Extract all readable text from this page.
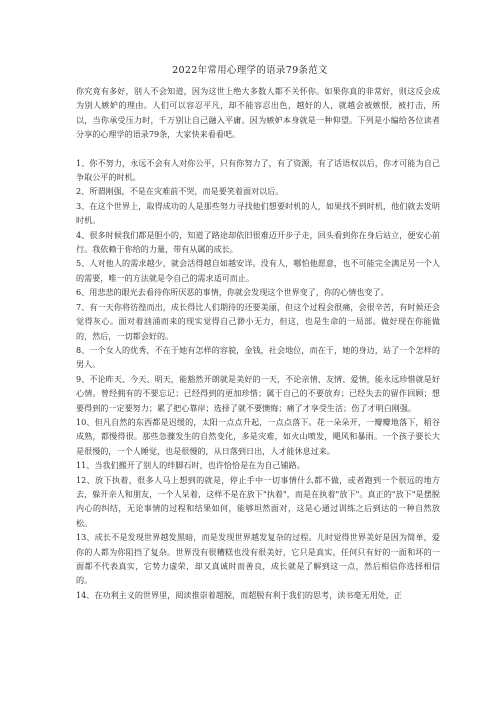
2022年常用心理学的语录79条范文

你究竟有多好，别人不会知道，因为这世上绝大多数人都不关怀你。如果你真的非常好，则这反会成为别人嫉妒的理由。人们可以容忍平凡，却不能容忍出色，越好的人，就越会被嫉恨，被打击，所以，当你承受压力时，千万别让自己融入平庸。因为嫉妒本身就是一种仰望。下列是小编给各位读者分享的心理学的语录79条，大家快来看看吧。

1、你不努力，永远不会有人对你公平，只有你努力了，有了资源，有了话语权以后，你才可能为自己争取公平的时机。

2、所谓刚强，不是在灾难前不哭，而是要笑着面对以后。

3、在这个世界上，取得成功的人是那些努力寻找他们想要时机的人，如果找不到时机，他们就去发明时机。

4、很多时候我们都是胆小的，知道了路途却依旧很难迈开步子走，回头看到你在身后站立，便安心前行。我依赖于你给的力量，带有从属的成长。

5、人对他人的需求越少，就会活得越自如越安详。没有人，哪怕他愿意，也不可能完全满足另一个人的需要，唯一的方法就是令自己的需求适可而止。

6、用悲悲的眼光去看待你所厌恶的事情，你就会发现这个世界变了，你的心情也变了。

7、有一天你将彷徨而出，成长得比人们期待的还要美丽，但这个过程会很痛，会很辛苦，有时候还会觉得灰心。面对着汹涌而来的现实觉得自己渺小无力，但这，也是生命的一局部。做好现在你能做的，然后，一切都会好的。

8、一个女人的优秀，不在于她有怎样的容貌，金钱，社会地位，而在于，她的身边，站了一个怎样的男人。

9、不论昨天、今天、明天，能豁然开朗就是美好的一天，不论亲情、友情、爱情，能永远珍惜就是好心情。曾经拥有的不要忘记；已经得到的更加珍惜；属于自己的不要放弃；已经失去的留作回顾；想要得到的一定要努力；累了把心靠岸；选择了就不要懊悔；痛了才享受生活；伤了才明白刚强。

10、但凡自然的东西都是迟缓的，太阳一点点升起，一点点落下。花一朵朵开，一瓣瓣地落下，稻谷成熟，都慢得很。那些急骤发生的自然变化，多是灾难，如火山喷发，飓风和暴雨。一个孩子要长大是很慢的，一个人睡觉，也是很慢的，从日落到日出，人才能休息过来。

11、当我们搬开了别人的绊脚石时，也许恰恰是在为自己铺路。

12、放下执着，很多人马上想到的就是，停止手中一切事情什么都不做，或者跑到一个很远的地方去，躲开亲人和朋友，一个人呆着，这样不是在放下"执着"，而是在执着"放下"。真正的"放下"是摆脱内心的纠结，无论事情的过程和结果如何，能够坦然面对，这是心通过训练之后到达的一种自然放松。

13、成长不是发现世界越发黑暗，而是发现世界越发复杂的过程。儿时觉得世界美好是因为简单，爱你的人都为你阻挡了复杂。世界没有很糟糕也没有很美好，它只是真实，任何只有好的一面和坏的一面都不代表真实，它势力虚荣，却又真诚时而善良，成长就是了解到这一点，然后相信你选择相信的。

14、在功利主义的世界里，阅读推崇着超脱，而超脱有利于我们的思考，读书毫无用处，正
